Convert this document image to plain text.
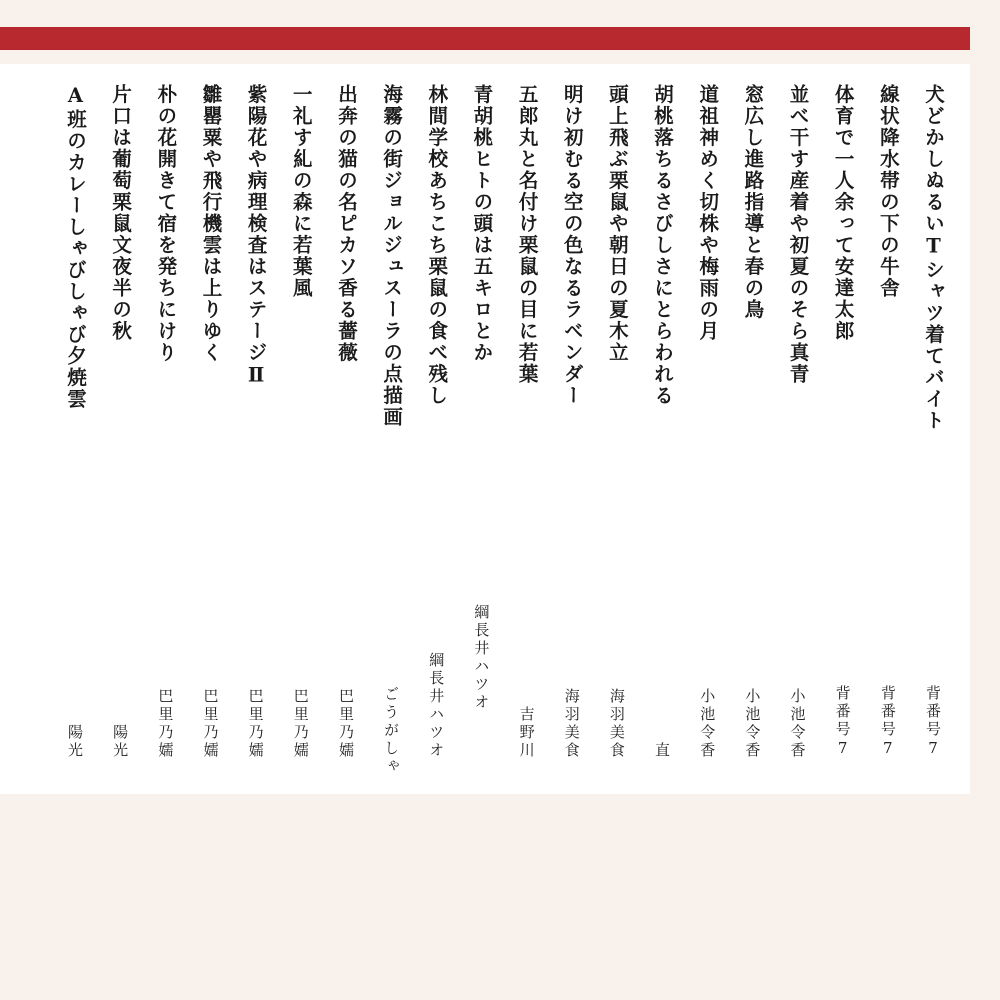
犬どかしぬるいTシャツ着てバイト
背番号7
線状降水帯の下の牛舎
背番号7
体育で一人余って安達太郎
背番号7
並べ干す産着や初夏のそら真青
小池令香
窓広し進路指導と春の鳥
小池令香
道祖神めく切株や梅雨の月
小池令香
胡桃落ちるさびしさにとらわれる
直
頭上飛ぶ栗鼠や朝日の夏木立
海羽美食
明け初むる空の色なるラベンダー
海羽美食
五郎丸と名付け栗鼠の目に若葉
吉野川
青胡桃ヒトの頭は五キロとか
綱長井ハツオ
林間学校あちこち栗鼠の食べ残し
綱長井ハツオ
海霧の街ジョルジュスーラの点描画
ごうがしゃ
出奔の猫の名ピカソ香る薔薇
巴里乃嬬
一礼す糺の森に若葉風
巴里乃嬬
紫陽花や病理検査はステージⅡ
巴里乃嬬
雛罌粟や飛行機雲は上りゆく
巴里乃嬬
朴の花開きて宿を発ちにけり
巴里乃嬬
片口は葡萄栗鼠文夜半の秋
陽光
A班のカレーしゃびしゃび夕焼雲
陽光
